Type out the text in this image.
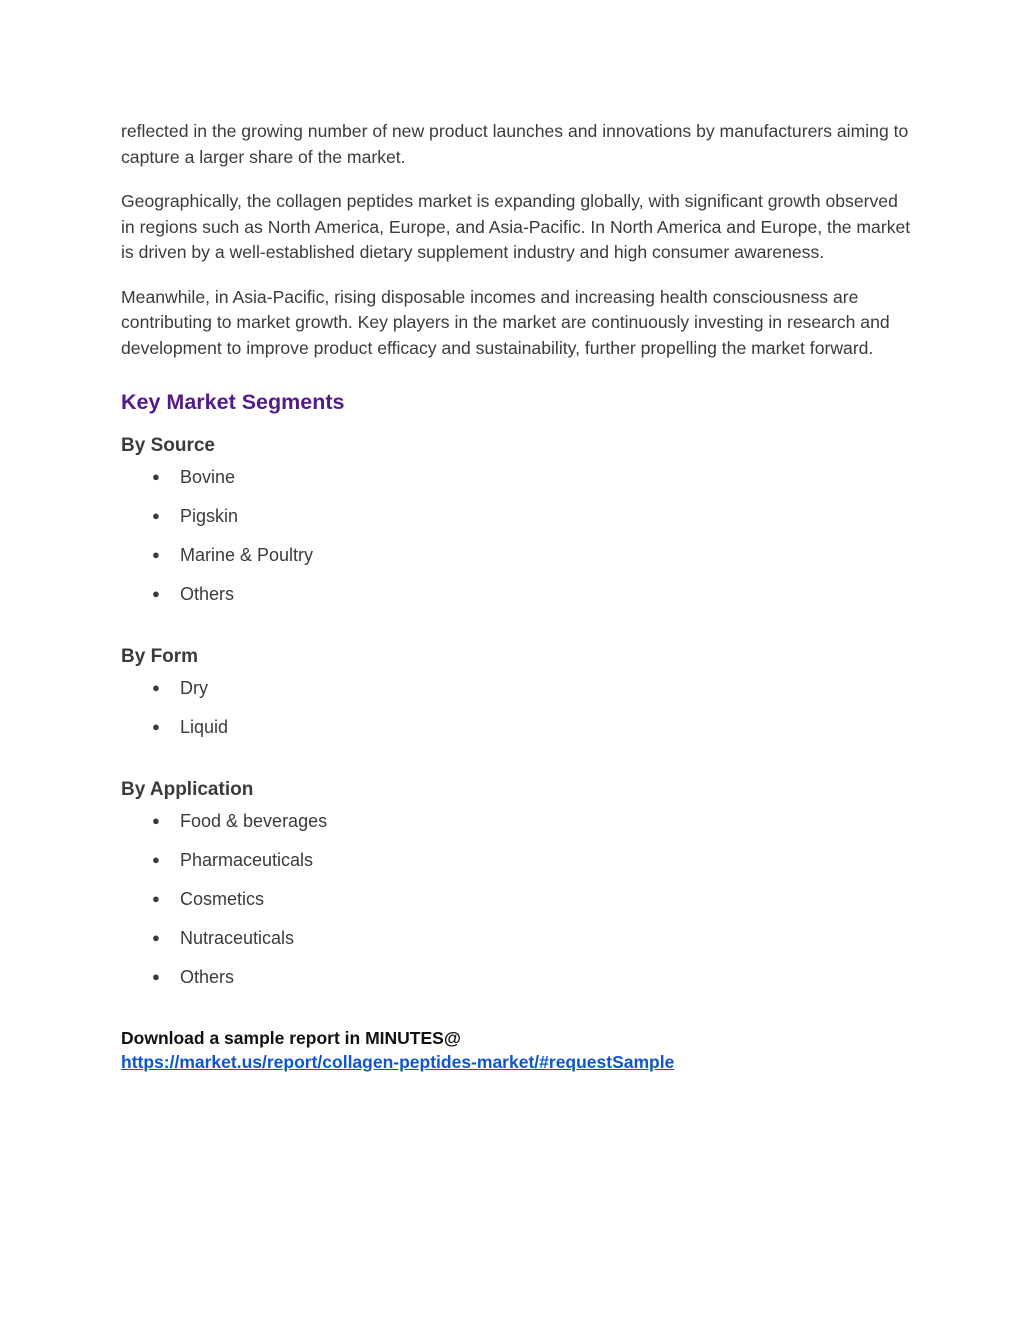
reflected in the growing number of new product launches and innovations by manufacturers aiming to capture a larger share of the market.

Geographically, the collagen peptides market is expanding globally, with significant growth observed in regions such as North America, Europe, and Asia-Pacific. In North America and Europe, the market is driven by a well-established dietary supplement industry and high consumer awareness.

Meanwhile, in Asia-Pacific, rising disposable incomes and increasing health consciousness are contributing to market growth. Key players in the market are continuously investing in research and development to improve product efficacy and sustainability, further propelling the market forward.

Key Market Segments
By Source
● Bovine
● Pigskin
● Marine & Poultry
● Others
By Form
● Dry
● Liquid
By Application
● Food & beverages
● Pharmaceuticals
● Cosmetics
● Nutraceuticals
● Others
Download a sample report in MINUTES@
https://market.us/report/collagen-peptides-market/#requestSample
